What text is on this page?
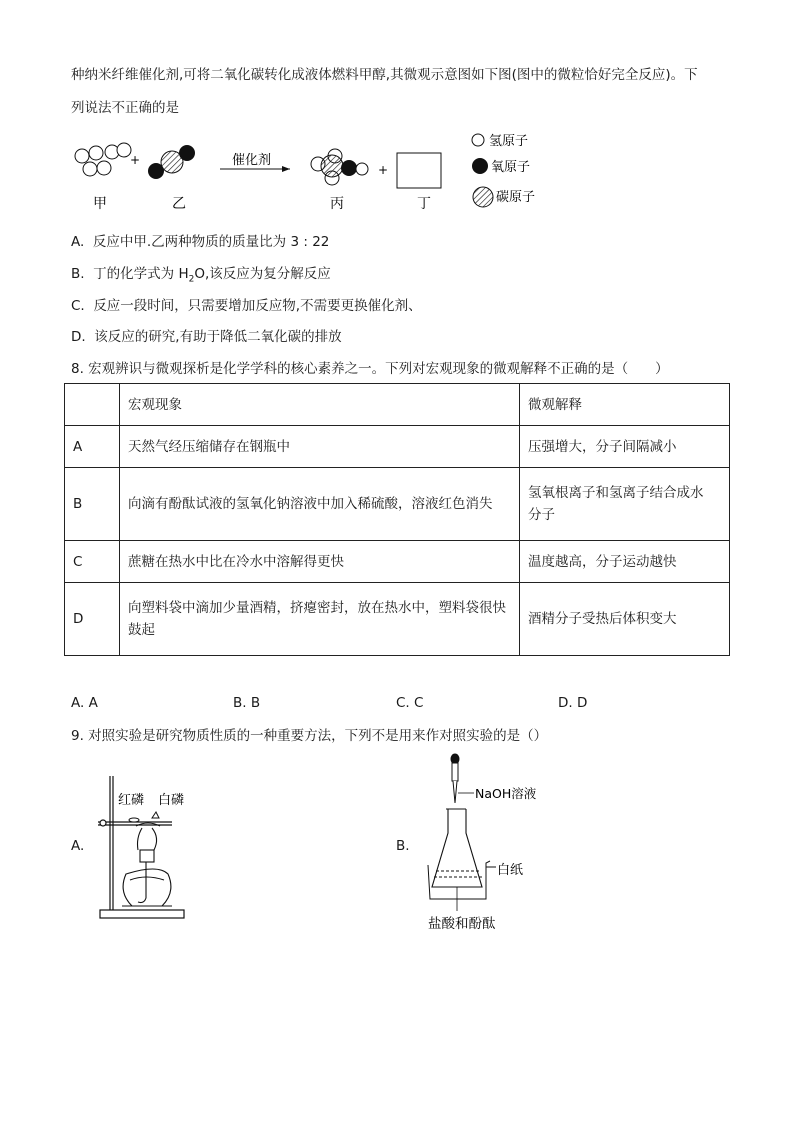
种纳米纤维催化剂,可将二氧化碳转化成液体燃料甲醇,其微观示意图如下图(图中的微粒恰好完全反应)。下
列说法不正确的是
+	催化剂
+
甲	乙	丙	丁
氢原子
氧原子
碳原子
A. 反应中甲.乙两种物质的质量比为 3 : 22
B. 丁的化学式为 $H_2O$,该反应为复分解反应
C. 反应一段时间，只需要增加反应物,不需要更换催化剂、
D. 该反应的研究,有助于降低二氧化碳的排放
8. 宏观辨识与微观探析是化学学科的核心素养之一。下列对宏观现象的微观解释不正确的是（　　）
	宏观现象	微观解释
A	天然气经压缩储存在钢瓶中	压强增大，分子间隔减小
B	向滴有酚酞试液的氢氧化钠溶液中加入稀硫酸，溶液红色消失	氢氧根离子和氢离子结合成水
分子

C	蔗糖在热水中比在冷水中溶解得更快	温度越高，分子运动越快
D	向塑料袋中滴加少量酒精，挤瘪密封，放在热水中，塑料袋很快
鼓起	酒精分子受热后体积变大
A. A	B. B	C. C	D. D
9. 对照实验是研究物质性质的一种重要方法，下列不是用来作对照实验的是（）
A.
红磷 白磷
B.
NaOH溶液
白纸
盐酸和酚酞
